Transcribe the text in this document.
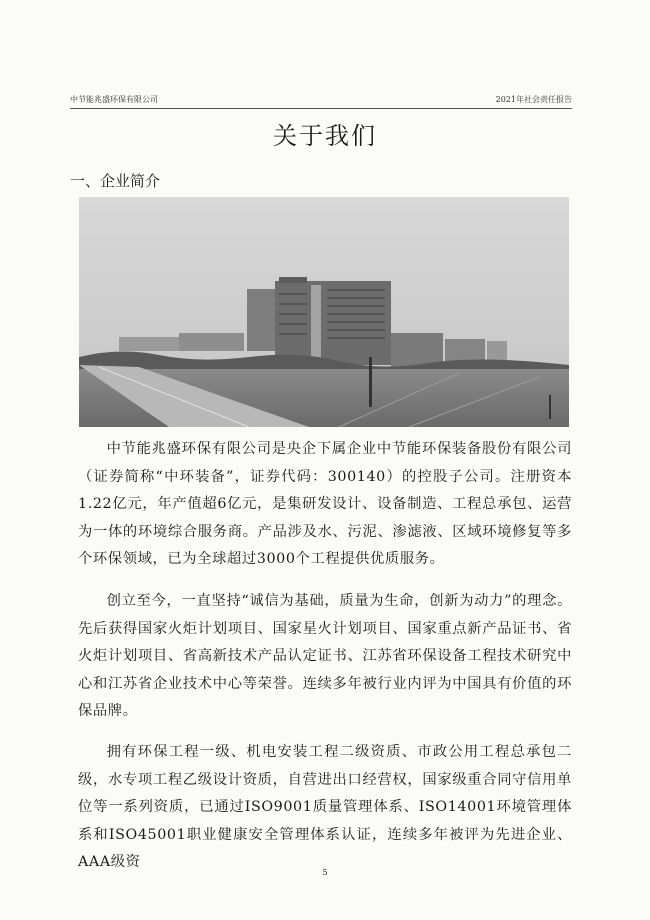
中节能兆盛环保有限公司	2021年社会责任报告
关于我们
一、企业简介

中节能兆盛环保有限公司是央企下属企业中节能环保装备股份有限公司（证券简称“中环装备”，证券代码：300140）的控股子公司。注册资本1.22亿元，年产值超6亿元，是集研发设计、设备制造、工程总承包、运营为一体的环境综合服务商。产品涉及水、污泥、渗滤液、区域环境修复等多个环保领域，已为全球超过3000个工程提供优质服务。

创立至今，一直坚持“诚信为基础，质量为生命，创新为动力”的理念。先后获得国家火炬计划项目、国家星火计划项目、国家重点新产品证书、省火炬计划项目、省高新技术产品认定证书、江苏省环保设备工程技术研究中心和江苏省企业技术中心等荣誉。连续多年被行业内评为中国具有价值的环保品牌。

拥有环保工程一级、机电安装工程二级资质、市政公用工程总承包二级，水专项工程乙级设计资质，自营进出口经营权，国家级重合同守信用单位等一系列资质，已通过ISO9001质量管理体系、ISO14001环境管理体系和ISO45001职业健康安全管理体系认证，连续多年被评为先进企业、AAA级资

5
